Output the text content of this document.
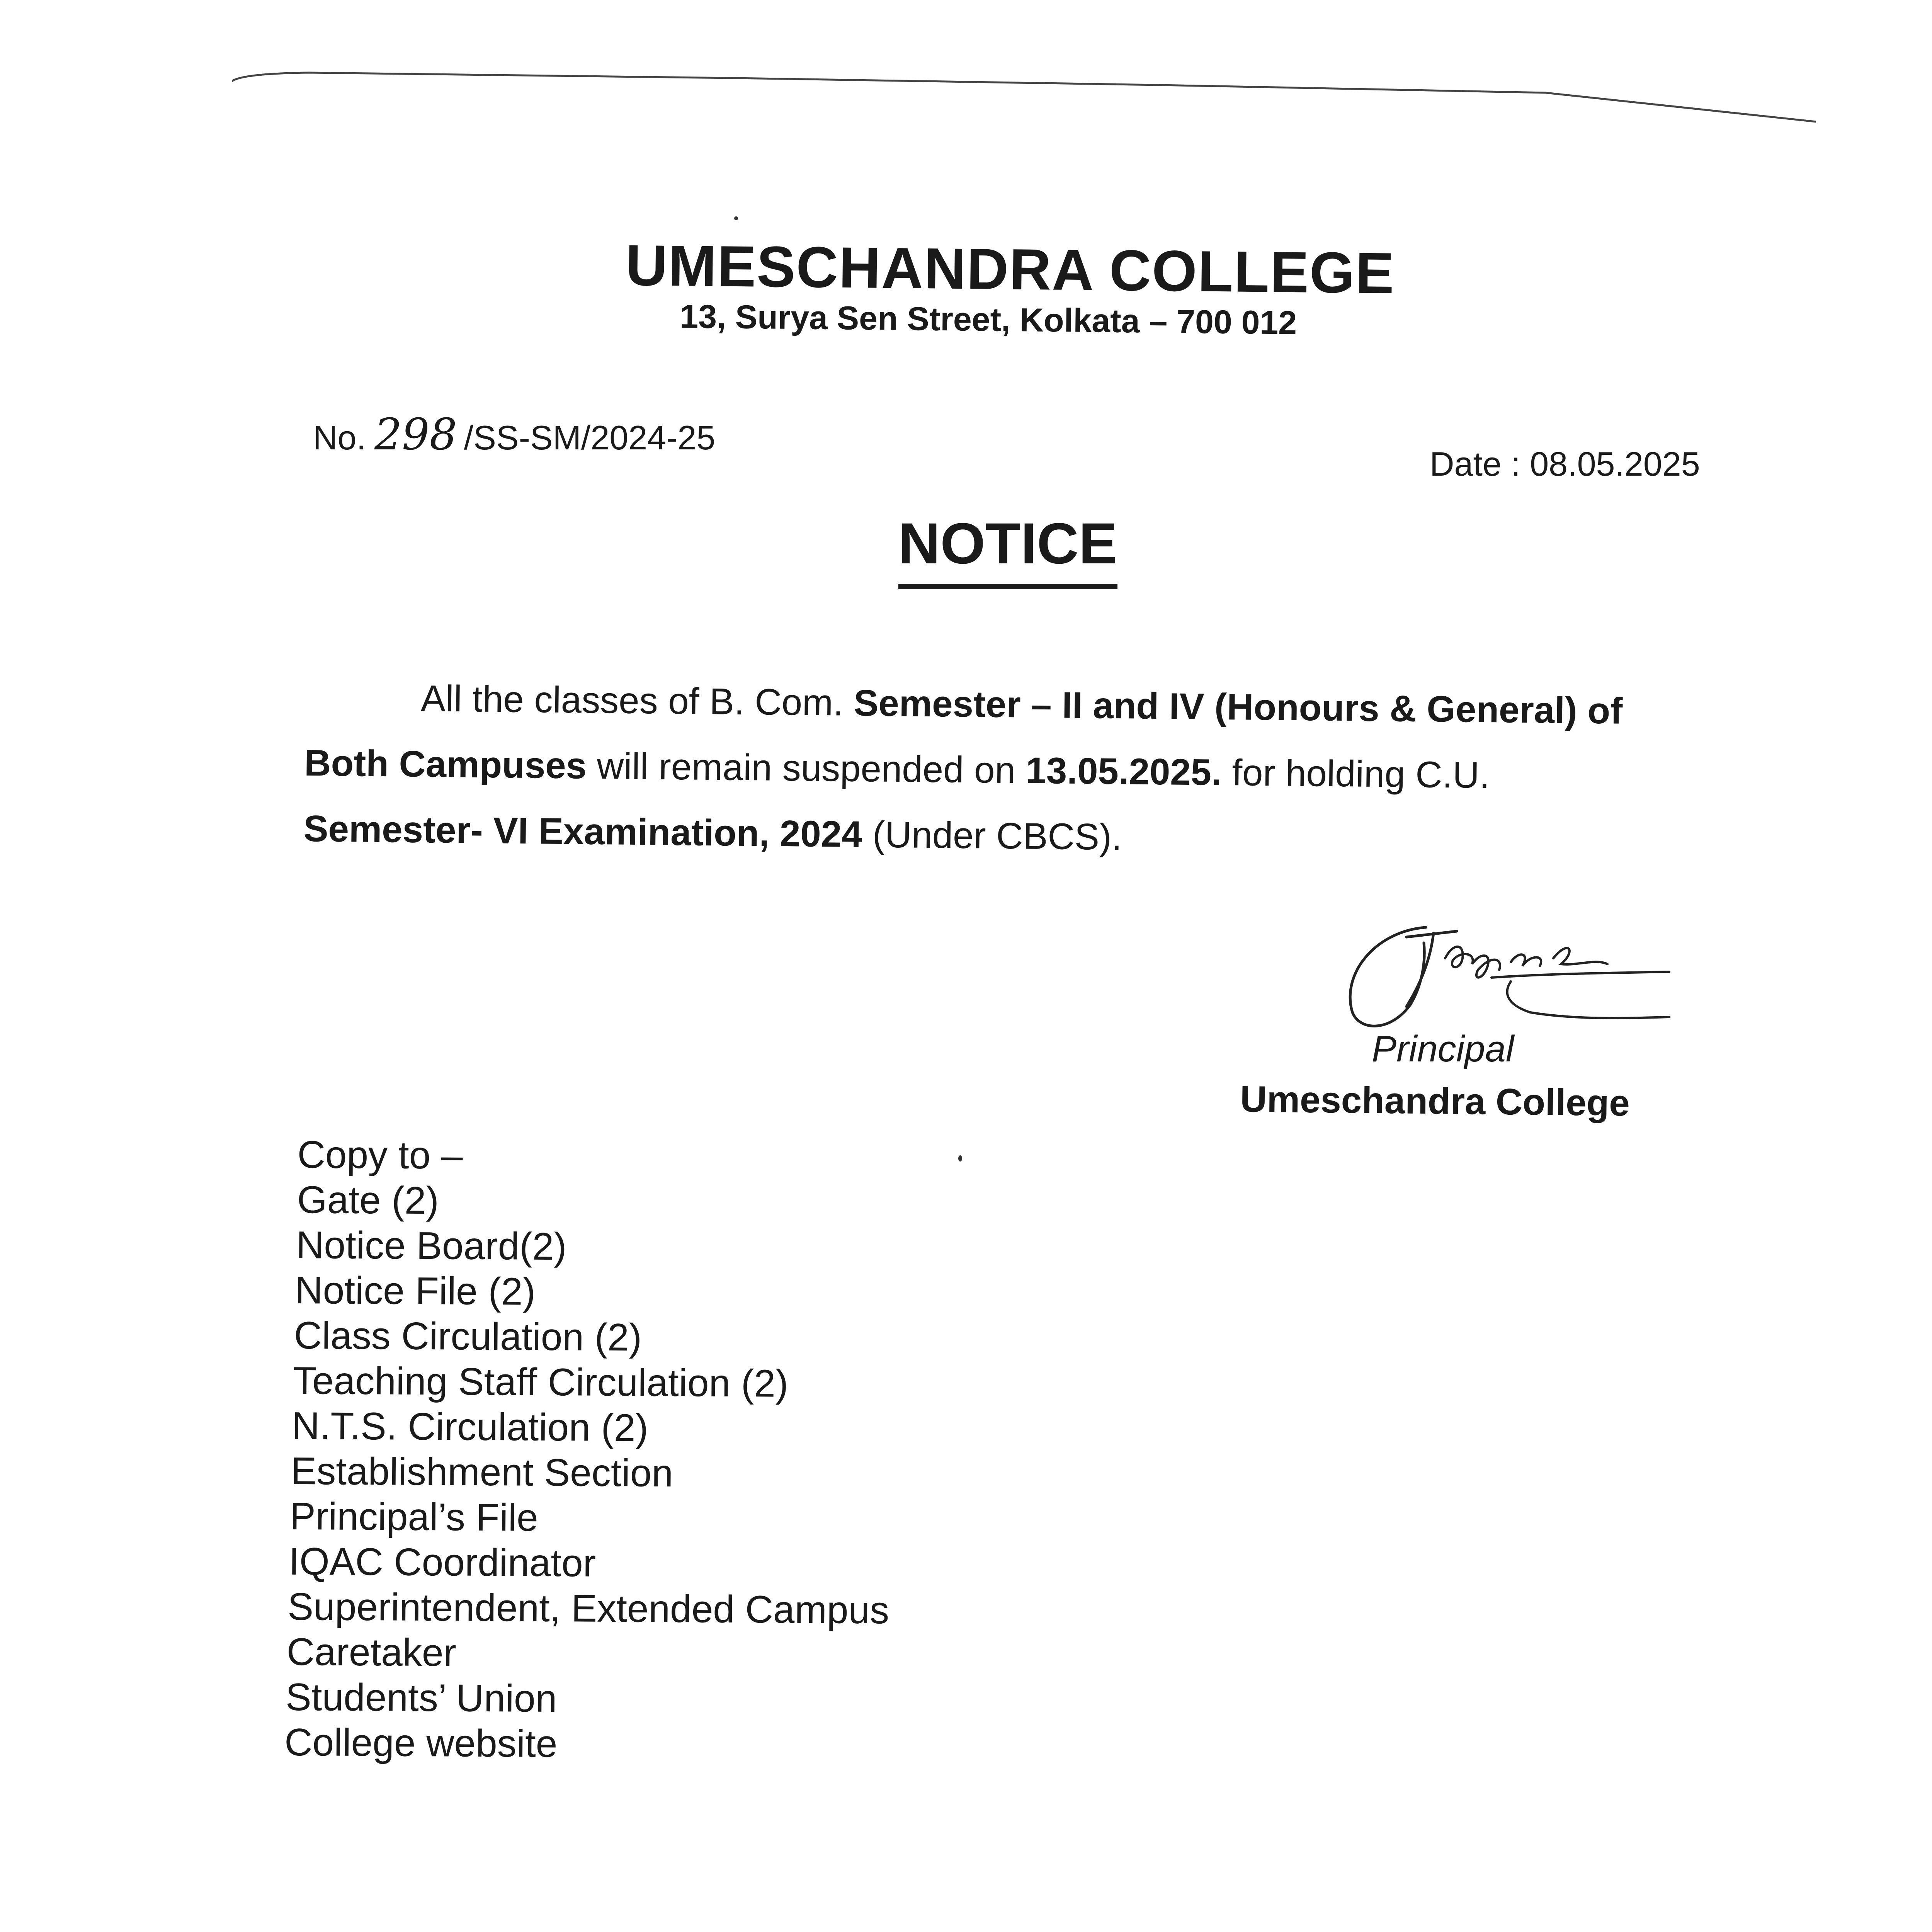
UMESCHANDRA COLLEGE
13, Surya Sen Street, Kolkata – 700 012
No. 298 /SS-SM/2024-25
Date : 08.05.2025
NOTICE
All the classes of B. Com. Semester – II and IV (Honours & General) of
Both Campuses will remain suspended on 13.05.2025. for holding C.U.
Semester- VI Examination, 2024 (Under CBCS).
Principal
Umeschandra College
Copy to –
Gate (2)
Notice Board(2)
Notice File (2)
Class Circulation (2)
Teaching Staff Circulation (2)
N.T.S. Circulation (2)
Establishment Section
Principal’s File
IQAC Coordinator
Superintendent, Extended Campus
Caretaker
Students’ Union
College website
